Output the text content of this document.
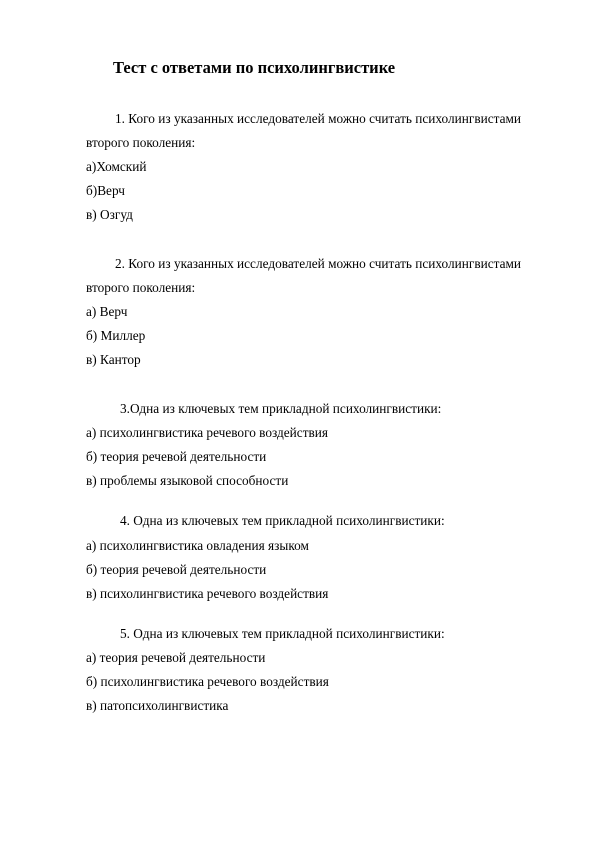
Тест с ответами по психолингвистике

1. Кого из указанных исследователей можно считать психолингвистами

второго поколения:

а)Хомский

б)Верч

в) Озгуд

2. Кого из указанных исследователей можно считать психолингвистами

второго поколения:

а) Верч

б) Миллер

в) Кантор

3.Одна из ключевых тем прикладной психолингвистики:

а) психолингвистика речевого воздействия

б) теория речевой деятельности

в) проблемы языковой способности

4. Одна из ключевых тем прикладной психолингвистики:

а) психолингвистика овладения языком

б) теория речевой деятельности

в) психолингвистика речевого воздействия

5. Одна из ключевых тем прикладной психолингвистики:

а) теория речевой деятельности

б) психолингвистика речевого воздействия

в) патопсихолингвистика
